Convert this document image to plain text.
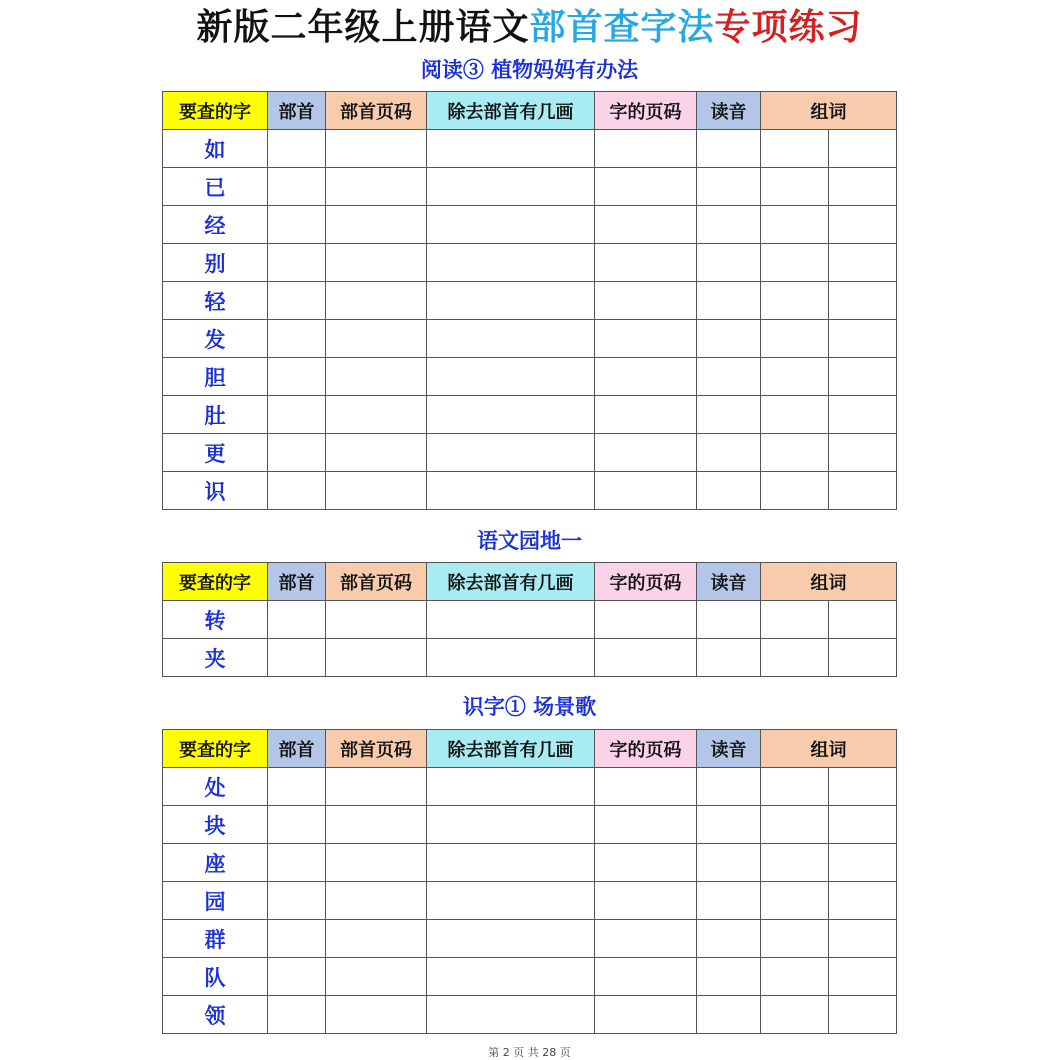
新版二年级上册语文部首查字法专项练习
阅读③ 植物妈妈有办法
要查的字	部首	部首页码	除去部首有几画	字的页码	读音	组词	
如							
已							
经							
别							
轻							
发							
胆							
肚							
更							
识							
语文园地一
要查的字	部首	部首页码	除去部首有几画	字的页码	读音	组词	
转							
夹							
识字① 场景歌
要查的字	部首	部首页码	除去部首有几画	字的页码	读音	组词	
处							
块							
座							
园							
群							
队							
领							
第 2 页 共 28 页
